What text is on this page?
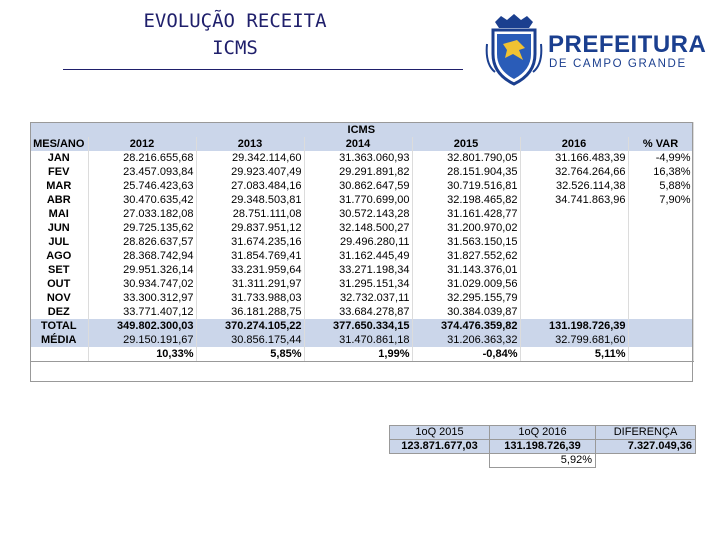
EVOLUÇÃO RECEITA
ICMS	PREFEITURA
DE CAMPO GRANDE
ICMS						
MES/ANO	2012	2013	2014	2015	2016	% VAR
JAN	28.216.655,68	29.342.114,60	31.363.060,93	32.801.790,05	31.166.483,39	-4,99%
FEV	23.457.093,84	29.923.407,49	29.291.891,82	28.151.904,35	32.764.264,66	16,38%
MAR	25.746.423,63	27.083.484,16	30.862.647,59	30.719.516,81	32.526.114,38	5,88%
ABR	30.470.635,42	29.348.503,81	31.770.699,00	32.198.465,82	34.741.863,96	7,90%
MAI	27.033.182,08	28.751.111,08	30.572.143,28	31.161.428,77		
JUN	29.725.135,62	29.837.951,12	32.148.500,27	31.200.970,02		
JUL	28.826.637,57	31.674.235,16	29.496.280,11	31.563.150,15		
AGO	28.368.742,94	31.854.769,41	31.162.445,49	31.827.552,62		
SET	29.951.326,14	33.231.959,64	33.271.198,34	31.143.376,01		
OUT	30.934.747,02	31.311.291,97	31.295.151,34	31.029.009,56		
NOV	33.300.312,97	31.733.988,03	32.732.037,11	32.295.155,79		
DEZ	33.771.407,12	36.181.288,75	33.684.278,87	30.384.039,87		
TOTAL	349.802.300,03	370.274.105,22	377.650.334,15	374.476.359,82	131.198.726,39	
MÉDIA	29.150.191,67	30.856.175,44	31.470.861,18	31.206.363,32	32.799.681,60	
	10,33%	5,85%	1,99%	-0,84%	5,11%	
1oQ 2015	1oQ 2016	DIFERENÇA
123.871.677,03	131.198.726,39	7.327.049,36
	5,92%	
